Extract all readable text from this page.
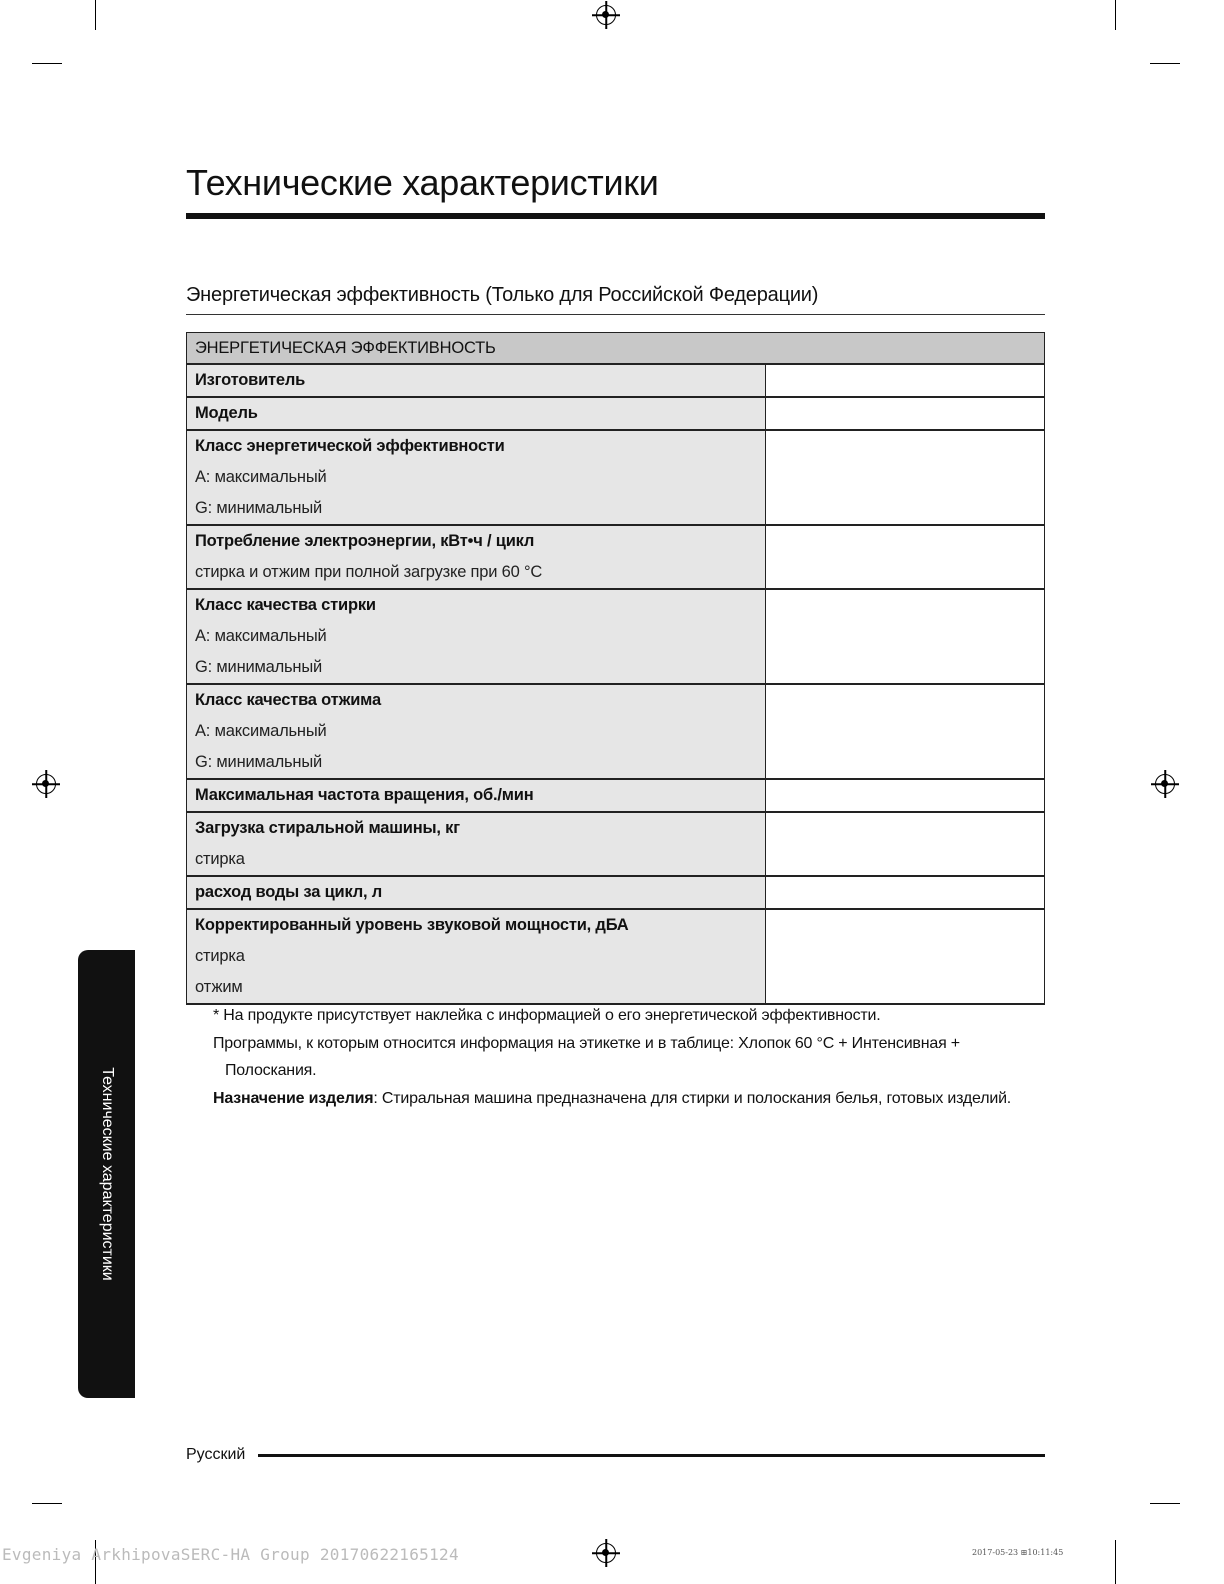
Технические характеристики
Энергетическая эффективность (Только для Российской Федерации)
ЭНЕРГЕТИЧЕСКАЯ ЭФФЕКТИВНОСТЬ	

Изготовитель	

Модель	

Класс энергетической эффективности
A: максимальный
G: минимальный	

Потребление электроэнергии, кВт•ч / цикл
стирка и отжим при полной загрузке при 60 °C	

Класс качества стирки
A: максимальный
G: минимальный	

Класс качества отжима
A: максимальный
G: минимальный	

Максимальная частота вращения, об./мин	

Загрузка стиральной машины, кг
стирка	

расход воды за цикл, л	

Корректированный уровень звуковой мощности, дБА
стирка
отжим	

* На продукте присутствует наклейка с информацией о его энергетической эффективности.

Программы, к которым относится информация на этикетке и в таблице: Хлопок 60 °C + Интенсивная +

Полоскания.

Назначение изделия: Стиральная машина предназначена для стирки и полоскания белья, готовых изделий.

Технические характеристики
Русский
Evgeniya ArkhipovaSERC-HA Group 20170622165124	2017-05-23 ⊞10:11:45
